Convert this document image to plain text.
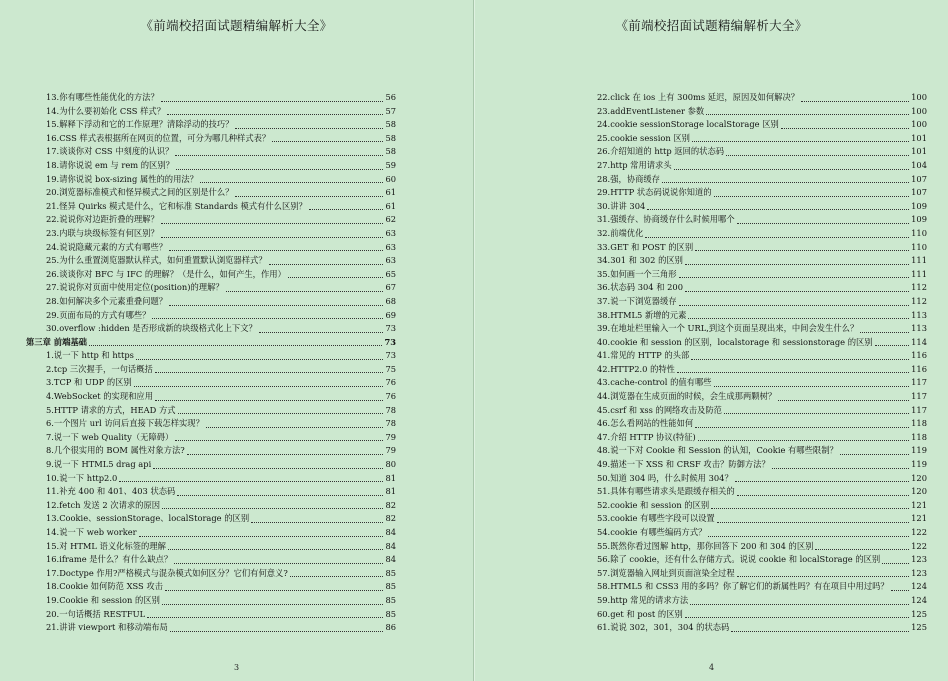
《前端校招面试题精编解析大全》
13.你有哪些性能优化的方法？	56
14.为什么要初始化 CSS 样式？	57
15.解释下浮动和它的工作原理？清除浮动的技巧？	58
16.CSS 样式表根据所在网页的位置，可分为哪几种样式表？	58
17.谈谈你对 CSS 中刻度的认识？	58
18.请你说说 em 与 rem 的区别？	59
19.请你说说 box-sizing 属性的的用法？	60
20.浏览器标准模式和怪异模式之间的区别是什么？	61
21.怪异 Quirks 模式是什么，它和标准 Standards 模式有什么区别？	61
22.说说你对边距折叠的理解？	62
23.内联与块级标签有何区别？	63
24.说说隐藏元素的方式有哪些？	63
25.为什么重置浏览器默认样式，如何重置默认浏览器样式？	63
26.谈谈你对 BFC 与 IFC 的理解？（是什么，如何产生，作用）	65
27.说说你对页面中使用定位(position)的理解？	67
28.如何解决多个元素重叠问题？	68
29.页面布局的方式有哪些？	69
30.overflow :hidden 是否形成新的块级格式化上下文？	73
第三章 前端基础	73
1.说一下 http 和 https	73
2.tcp 三次握手，一句话概括	75
3.TCP 和 UDP 的区别	76
4.WebSocket 的实现和应用	76
5.HTTP 请求的方式，HEAD 方式	78
6.一个图片 url 访问后直接下载怎样实现？	78
7.说一下 web Quality（无障碍）	79
8.几个很实用的 BOM 属性对象方法?	79
9.说一下 HTML5 drag api	80
10.说一下 http2.0	81
11.补充 400 和 401、403 状态码	81
12.fetch 发送 2 次请求的原因	82
13.Cookie、sessionStorage、localStorage 的区别	82
14.说一下 web worker	84
15.对 HTML 语义化标签的理解	84
16.iframe 是什么？有什么缺点？	84
17.Doctype 作用?严格模式与混杂模式如何区分？它们有何意义?	85
18.Cookie 如何防范 XSS 攻击	85
19.Cookie 和 session 的区别	85
20.一句话概括 RESTFUL	85
21.讲讲 viewport 和移动端布局	86
3
《前端校招面试题精编解析大全》
22.click 在 ios 上有 300ms 延迟，原因及如何解决？	100
23.addEventListener 参数	100
24.cookie sessionStorage localStorage 区别	100
25.cookie session 区别	101
26.介绍知道的 http 返回的状态码	101
27.http 常用请求头	104
28.强，协商缓存	107
29.HTTP 状态码说说你知道的	107
30.讲讲 304	109
31.强缓存、协商缓存什么时候用哪个	109
32.前端优化	110
33.GET 和 POST 的区别	110
34.301 和 302 的区别	111
35.如何画一个三角形	111
36.状态码 304 和 200	112
37.说一下浏览器缓存	112
38.HTML5 新增的元素	113
39.在地址栏里输入一个 URL,到这个页面呈现出来，中间会发生什么？	113
40.cookie 和 session 的区别，localstorage 和 sessionstorage 的区别	114
41.常见的 HTTP 的头部	116
42.HTTP2.0 的特性	116
43.cache-control 的值有哪些	117
44.浏览器在生成页面的时候，会生成那两颗树？	117
45.csrf 和 xss 的网络攻击及防范	117
46.怎么看网站的性能如何	118
47.介绍 HTTP 协议(特征)	118
48.说一下对 Cookie 和 Session 的认知，Cookie 有哪些限制？	119
49.描述一下 XSS 和 CRSF 攻击？防御方法？	119
50.知道 304 吗，什么时候用 304？	120
51.具体有哪些请求头是跟缓存相关的	120
52.cookie 和 session 的区别	121
53.cookie 有哪些字段可以设置	121
54.cookie 有哪些编码方式？	122
55.既然你看过图解 http，那你回答下 200 和 304 的区别	122
56.除了 cookie，还有什么存储方式。说说 cookie 和 localStorage 的区别	123
57.浏览器输入网址到页面渲染全过程	123
58.HTML5 和 CSS3 用的多吗？你了解它们的新属性吗？有在项目中用过吗？	124
59.http 常见的请求方法	124
60.get 和 post 的区别	125
61.说说 302，301，304 的状态码	125
4
